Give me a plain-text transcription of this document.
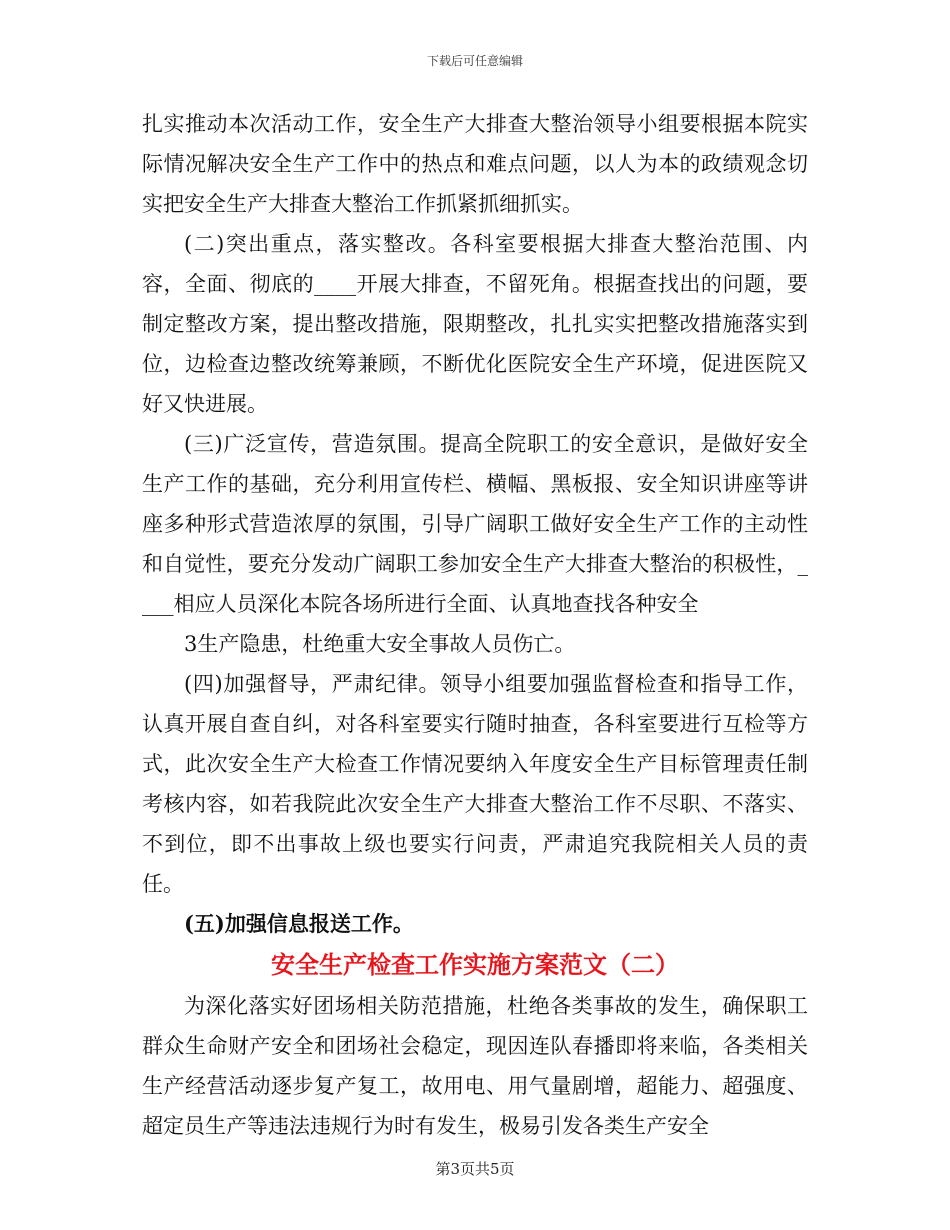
下载后可任意编辑

扎实推动本次活动工作，安全生产大排查大整治领导小组要根据本院实际情况解决安全生产工作中的热点和难点问题，以人为本的政绩观念切实把安全生产大排查大整治工作抓紧抓细抓实。

(二)突出重点，落实整改。各科室要根据大排查大整治范围、内容，全面、彻底的____开展大排查，不留死角。根据查找出的问题，要制定整改方案，提出整改措施，限期整改，扎扎实实把整改措施落实到位，边检查边整改统筹兼顾，不断优化医院安全生产环境，促进医院又好又快进展。

(三)广泛宣传，营造氛围。提高全院职工的安全意识，是做好安全生产工作的基础，充分利用宣传栏、横幅、黑板报、安全知识讲座等讲座多种形式营造浓厚的氛围，引导广阔职工做好安全生产工作的主动性和自觉性，要充分发动广阔职工参加安全生产大排查大整治的积极性，____相应人员深化本院各场所进行全面、认真地查找各种安全

3生产隐患，杜绝重大安全事故人员伤亡。

(四)加强督导，严肃纪律。领导小组要加强监督检查和指导工作，认真开展自查自纠，对各科室要实行随时抽查，各科室要进行互检等方式，此次安全生产大检查工作情况要纳入年度安全生产目标管理责任制考核内容，如若我院此次安全生产大排查大整治工作不尽职、不落实、不到位，即不出事故上级也要实行问责，严肃追究我院相关人员的责任。

(五)加强信息报送工作。

安全生产检查工作实施方案范文（二）

为深化落实好团场相关防范措施，杜绝各类事故的发生，确保职工群众生命财产安全和团场社会稳定，现因连队春播即将来临，各类相关生产经营活动逐步复产复工，故用电、用气量剧增，超能力、超强度、超定员生产等违法违规行为时有发生，极易引发各类生产安全

第3页共5页
